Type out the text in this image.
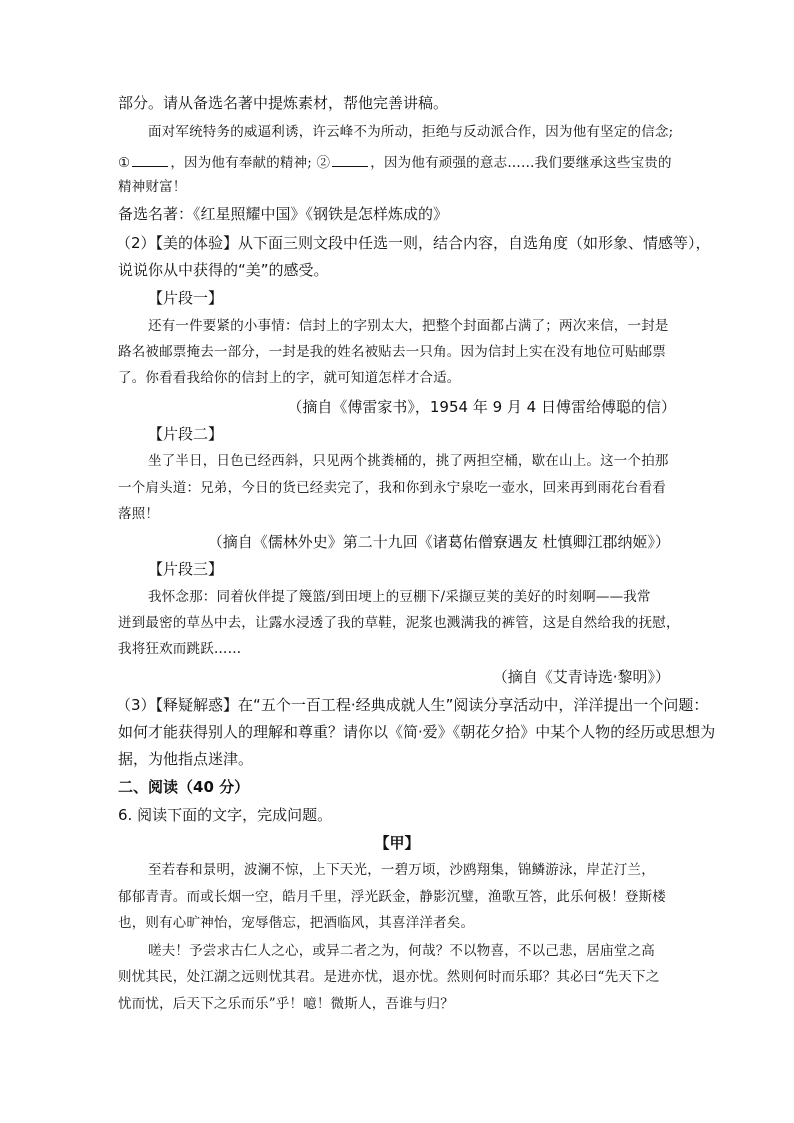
部分。请从备选名著中提炼素材，帮他完善讲稿。
面对军统特务的威逼利诱，许云峰不为所动，拒绝与反动派合作，因为他有坚定的信念;
①	，因为他有奉献的精神; ②	，因为他有顽强的意志……我们要继承这些宝贵的
精神财富！
备选名著：《红星照耀中国》《钢铁是怎样炼成的》
（2）【美的体验】从下面三则文段中任选一则，结合内容，自选角度（如形象、情感等），
说说你从中获得的“美”的感受。
【片段一】
还有一件要紧的小事情：信封上的字别太大，把整个封面都占满了；两次来信，一封是
路名被邮票掩去一部分，一封是我的姓名被贴去一只角。因为信封上实在没有地位可贴邮票
了。你看看我给你的信封上的字，就可知道怎样才合适。
（摘自《傅雷家书》，1954 年 9 月 4 日傅雷给傅聪的信）
【片段二】
坐了半日，日色已经西斜，只见两个挑粪桶的，挑了两担空桶，歇在山上。这一个拍那
一个肩头道：兄弟，今日的货已经卖完了，我和你到永宁泉吃一壶水，回来再到雨花台看看
落照！
（摘自《儒林外史》第二十九回《诸葛佑僧寮遇友 杜慎卿江郡纳姬》）
【片段三】
我怀念那：同着伙伴提了篾篮/到田埂上的豆棚下/采撷豆荚的美好的时刻啊——我常
迸到最密的草丛中去，让露水浸透了我的草鞋，泥浆也溅满我的裤管，这是自然给我的抚慰，
我将狂欢而跳跃……
（摘自《艾青诗选·黎明》）
（3）【释疑解惑】在“五个一百工程·经典成就人生”阅读分享活动中，洋洋提出一个问题：
如何才能获得别人的理解和尊重？请你以《简·爱》《朝花夕拾》中某个人物的经历或思想为
据，为他指点迷津。
二、阅读（40 分）
6. 阅读下面的文字，完成问题。
【甲】
至若春和景明，波澜不惊，上下天光，一碧万顷，沙鸥翔集，锦鳞游泳，岸芷汀兰，
郁郁青青。而或长烟一空，皓月千里，浮光跃金，静影沉璧，渔歌互答，此乐何极！登斯楼
也，则有心旷神怡，宠辱偕忘，把酒临风，其喜洋洋者矣。
嗟夫！予尝求古仁人之心，或异二者之为，何哉？不以物喜，不以己悲，居庙堂之高
则忧其民，处江湖之远则忧其君。是进亦忧，退亦忧。然则何时而乐耶？其必曰“先天下之
忧而忧，后天下之乐而乐”乎！噫！微斯人，吾谁与归？
